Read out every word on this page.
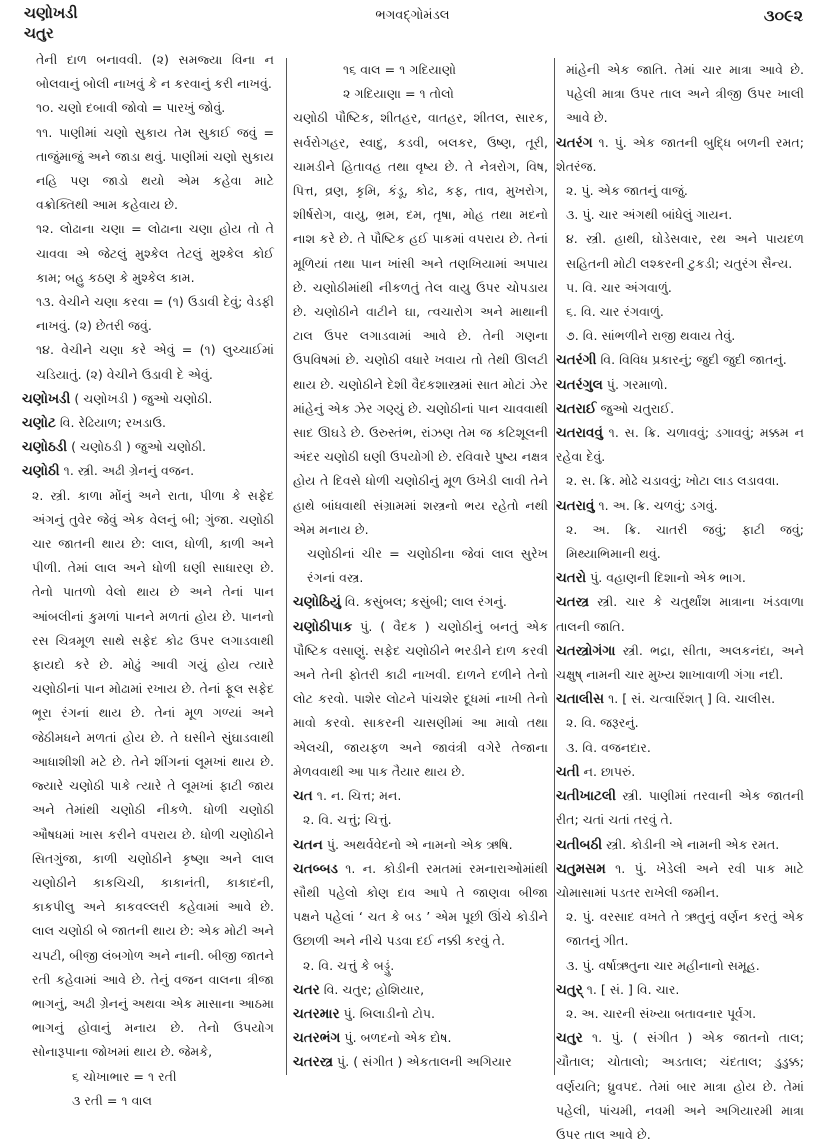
ચણોખડી
ચતુર
ભગવદ્ગોમંડલ	૩૦૯૨

તેની દાળ બનાવવી. (૨) સમજ્યા વિના ન બોલવાનું બોલી નાખવું કે ન કરવાનું કરી નાખવું.

૧૦. ચણો દબાવી જોવો = પારખું જોવું.

૧૧. પાણીમાં ચણો સુકાય તેમ સુકાઈ જવું = તાજુંમાજું અને જાડા થવું. પાણીમાં ચણો સુકાય નહિ પણ જાડો થયો એમ કહેવા માટે વક્રોક્તિથી આમ કહેવાય છે.

૧૨. લોઢાના ચણા = લોઢાના ચણા હોય તો તે ચાવવા એ જેટલું મુશ્કેલ તેટલું મુશ્કેલ કોઈ કામ; બહુ કઠણ કે મુશ્કેલ કામ.

૧૩. વેચીને ચણા કરવા = (૧) ઉડાવી દેવું; વેડફી નાખવું. (૨) છેતરી જવું.

૧૪. વેચીને ચણા કરે એવું = (૧) લુચ્ચાઈમાં ચડિયાતું. (૨) વેચીને ઉડાવી દે એવું.

ચણોખડી ( ચણોખડી ) જુઓ ચણોઠી.

ચણોટ વિ. રેઢિયાળ; રખડાઉ.

ચણોઠડી ( ચણોઠડી ) જુઓ ચણોઠી.

ચણોઠી ૧. સ્ત્રી. અઢી ગ્રેનનું વજન.

૨. સ્ત્રી. કાળા મોંનું અને રાતા, પીળા કે સફેદ અંગનું તુવેર જેવું એક વેલનું બી; ગુંજા. ચણોઠી ચાર જાતની થાય છે: લાલ, ધોળી, કાળી અને પીળી. તેમાં લાલ અને ધોળી ઘણી સાધારણ છે. તેનો પાતળો વેલો થાય છે અને તેનાં પાન આંબલીનાં કુમળાં પાનને મળતાં હોય છે. પાનનો રસ ચિત્રમૂળ સાથે સફેદ કોઢ ઉપર લગાડવાથી ફાયદો કરે છે. મોઢું આવી ગયું હોય ત્યારે ચણોઠીનાં પાન મોઢામાં રખાય છે. તેનાં ફૂલ સફેદ ભૂરા રંગનાં થાય છે. તેનાં મૂળ ગળ્યાં અને જેઠીમધને મળતાં હોય છે. તે ઘસીને સુંઘાડવાથી આધાશીશી મટે છે. તેને શીંગનાં લૂમખાં થાય છે. જ્યારે ચણોઠી પાકે ત્યારે તે લૂમખાં ફાટી જાય અને તેમાંથી ચણોઠી નીકળે. ધોળી ચણોઠી ઔષધમાં ખાસ કરીને વપરાય છે. ધોળી ચણોઠીને સિતગુંજા, કાળી ચણોઠીને કૃષ્ણા અને લાલ ચણોઠીને કાકચિચી, કાકાનંતી, કાકાદની, કાકપીલુ અને કાકવલ્લરી કહેવામાં આવે છે. લાલ ચણોઠી બે જાતની થાય છે: એક મોટી અને ચપટી, બીજી લંબગોળ અને નાની. બીજી જાતને રતી કહેવામાં આવે છે. તેનું વજન વાલના ત્રીજા ભાગનું, અઢી ગ્રેનનું અથવા એક માસાના આઠમા ભાગનું હોવાનું મનાય છે. તેનો ઉપયોગ સોનારૂપાના જોખમાં થાય છે. જેમકે,

૬ ચોખાભાર = ૧ રતી

૩ રતી = ૧ વાલ

૧૬ વાલ = ૧ ગદિયાણો

૨ ગદિયાણા = ૧ તોલો

ચણોઠી પૌષ્ટિક, શીતહર, વાતહર, શીતલ, સારક, સર્વરોગહર, સ્વાદુ, કડવી, બલકર, ઉષ્ણ, તૂરી, ચામડીને હિતાવહ તથા વૃષ્ય છે. તે નેત્રરોગ, વિષ, પિત્ત, વ્રણ, કૃમિ, કંડૂ, કોઢ, કફ, તાવ, મુખરોગ, શીર્ષરોગ, વાયુ, ભ્રમ, દમ, તૃષા, મોહ તથા મદનો નાશ કરે છે. તે પૌષ્ટિક હઈ પાકમાં વપરાય છે. તેનાં મૂળિયાં તથા પાન ખાંસી અને તણખિયામાં અપાય છે. ચણોઠીમાંથી નીકળતું તેલ વાયુ ઉપર ચોપડાય છે. ચણોઠીને વાટીને ઘા, ત્વચારોગ અને માથાની ટાલ ઉપર લગાડવામાં આવે છે. તેની ગણના ઉપવિષમાં છે. ચણોઠી વધારે ખવાય તો તેથી ઊલટી થાય છે. ચણોઠીને દેશી વૈદકશાસ્ત્રમાં સાત મોટાં ઝેર માંહેનું એક ઝેર ગણ્યું છે. ચણોઠીનાં પાન ચાવવાથી સાદ ઊઘડે છે. ઉરુસ્તંભ, રાંઝણ તેમ જ કટિશૂલની અંદર ચણોઠી ઘણી ઉપયોગી છે. રવિવારે પુષ્ય નક્ષત્ર હોય તે દિવસે ધોળી ચણોઠીનું મૂળ ઉખેડી લાવી તેને હાથે બાંધવાથી સંગ્રામમાં શસ્ત્રનો ભય રહેતો નથી એમ મનાય છે.

ચણોઠીનાં ચીર = ચણોઠીના જેવાં લાલ સુરેખ રંગનાં વસ્ત્ર.

ચણોઠિયું વિ. કસુંબલ; કસુંબી; લાલ રંગનું.

ચણોઠીપાક પું. ( વૈદક ) ચણોઠીનું બનતું એક પૌષ્ટિક વસાણું. સફેદ ચણોઠીને ભરડીને દાળ કરવી અને તેની ફોતરી કાઢી નાખવી. દાળને દળીને તેનો લોટ કરવો. પાશેર લોટને પાંચશેર દૂધમાં નાખી તેનો માવો કરવો. સાકરની ચાસણીમાં આ માવો તથા એલચી, જાયફળ અને જાવંત્રી વગેરે તેજાના મેળવવાથી આ પાક તૈયાર થાય છે.

ચત ૧. ન. ચિત્ત; મન.

૨. વિ. ચત્તું; ચિત્તું.

ચતન પું. અથર્વવેદનો એ નામનો એક ઋષિ.

ચતબ્બડ ૧. ન. કોડીની રમતમાં રમનારાઓમાંથી સૌથી પહેલો કોણ દાવ આપે તે જાણવા બીજા પક્ષને પહેલાં ‘ ચત કે બડ ’ એમ પૂછી ઊંચે કોડીને ઉછાળી અને નીચે પડવા દઈ નક્કી કરવું તે.

૨. વિ. ચત્તું કે બડ્ડું.

ચતર વિ. ચતુર; હોશિયાર,

ચતરમાર પું. બિલાડીનો ટોપ.

ચતરભંગ પું. બળદનો એક દોષ.

ચતરસ્ત્ર પું. ( સંગીત ) એકતાલની અગિયાર

માંહેની એક જાતિ. તેમાં ચાર માત્રા આવે છે. પહેલી માત્રા ઉપર તાલ અને ત્રીજી ઉપર ખાલી આવે છે.

ચતરંગ ૧. પું. એક જાતની બુદ્ધિ બળની રમત; શેતરંજ.

૨. પું. એક જાતનું વાજું.

૩. પું. ચાર અંગથી બાંધેલું ગાયન.

૪. સ્ત્રી. હાથી, ઘોડેસવાર, રથ અને પાયદળ સહિતની મોટી લશ્કરની ટુકડી; ચતુરંગ સૈન્ય.

૫. વિ. ચાર અંગવાળું.

૬. વિ. ચાર રંગવાળું.

૭. વિ. સાંભળીને રાજી થવાય તેવું.

ચતરંગી વિ. વિવિધ પ્રકારનું; જુદી જુદી જાતનું.

ચતરંગુલ પું. ગરમાળો.

ચતરાઈ જુઓ ચતુરાઈ.

ચતરાવવું ૧. સ. ક્રિ. ચળાવવું; ડગાવવું; મક્કમ ન રહેવા દેવું.

૨. સ. ક્રિ. મોઢે ચડાવવું; ખોટા લાડ લડાવવા.

ચતરાવું ૧. અ. ક્રિ. ચળવું; ડગવું.

૨. અ. ક્રિ. ચાતરી જવું; ફાટી જવું; મિથ્યાભિમાની થવું.

ચતરો પું. વહાણની દિશાનો એક ભાગ.

ચતસ્ત્ર સ્ત્રી. ચાર કે ચતુર્થાંશ માત્રાના ખંડવાળા તાલની જાતિ.

ચતસ્ત્રોગંગા સ્ત્રી. ભદ્રા, સીતા, અલકનંદા, અને ચક્ષુષ્ નામની ચાર મુખ્ય શાખાવાળી ગંગા નદી.

ચતાલીસ ૧. [ સં. ચત્વારિંશત્ ] વિ. ચાલીસ.

૨. વિ. જરૂરનું.

૩. વિ. વજનદાર.

ચતી ન. છાપરું.

ચતીખાટલી સ્ત્રી. પાણીમાં તરવાની એક જાતની રીત; ચતાં ચતાં તરવું તે.

ચતીબઠી સ્ત્રી. કોડીની એ નામની એક રમત.

ચતુમસમ ૧. પું. ખેડેલી અને રવી પાક માટે ચોમાસામાં પડતર રાખેલી જમીન.

૨. પું. વરસાદ વખતે તે ઋતુનું વર્ણન કરતું એક જાતનું ગીત.

૩. પું. વર્ષાઋતુના ચાર મહીનાનો સમૂહ.

ચતુર્ ૧. [ સં. ] વિ. ચાર.

૨. અ. ચારની સંખ્યા બતાવનાર પૂર્વગ.

ચતુર ૧. પું. ( સંગીત ) એક જાતનો તાલ; ચૌતાલ; ચોતાલો; અડતાલ; ચંદતાલ; ડુડુક્ક; વર્ણયતિ; ધ્રુવપદ. તેમાં બાર માત્રા હોય છે. તેમાં પહેલી, પાંચમી, નવમી અને અગિયારમી માત્રા ઉપર તાલ આવે છે.
